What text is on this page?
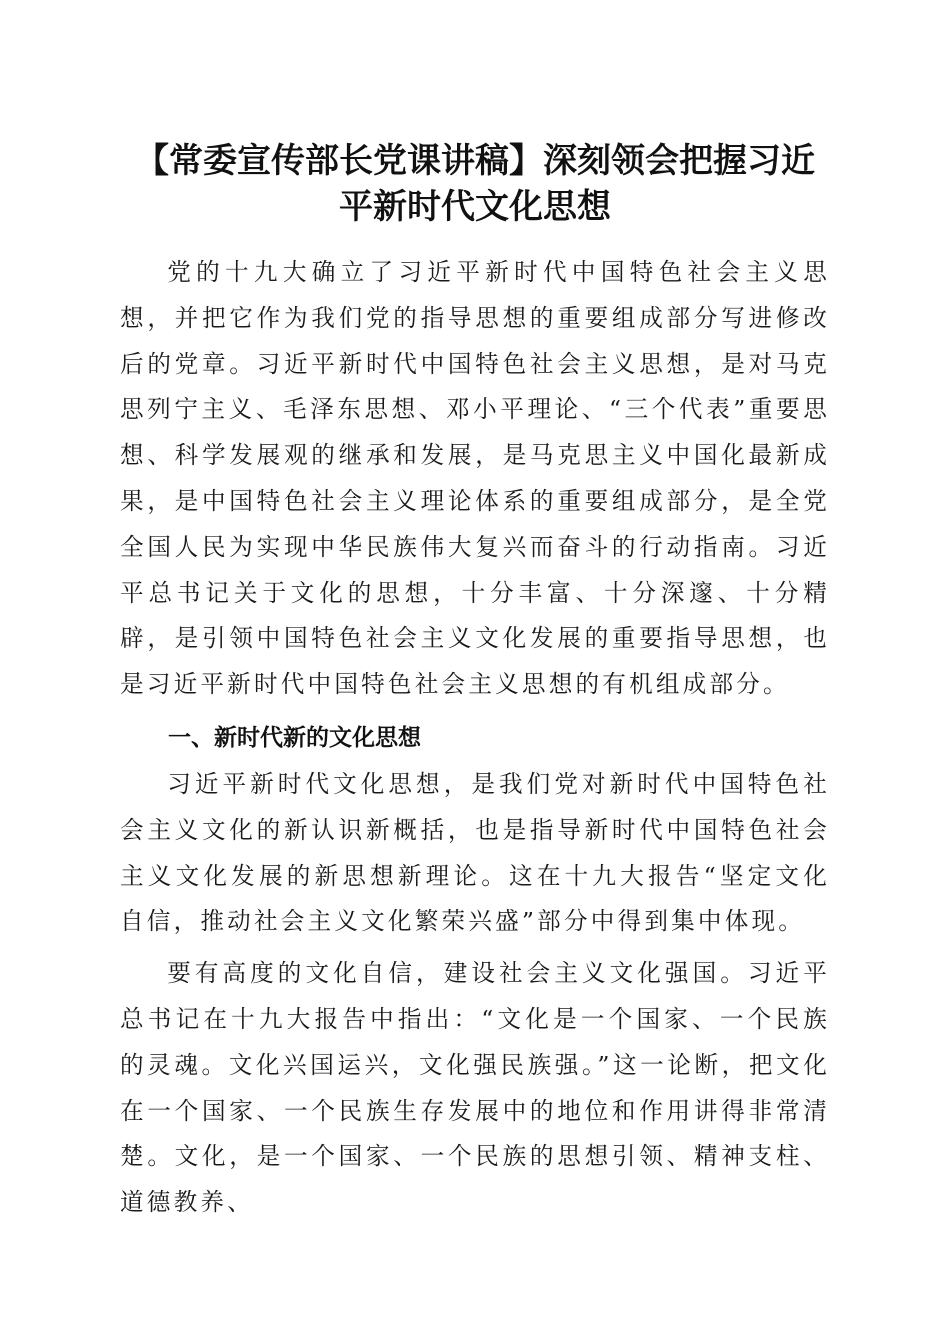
【常委宣传部长党课讲稿】深刻领会把握习近
平新时代文化思想

党的十九大确立了习近平新时代中国特色社会主义思想，并把它作为我们党的指导思想的重要组成部分写进修改后的党章。习近平新时代中国特色社会主义思想，是对马克思列宁主义、毛泽东思想、邓小平理论、“三个代表”重要思想、科学发展观的继承和发展，是马克思主义中国化最新成果，是中国特色社会主义理论体系的重要组成部分，是全党全国人民为实现中华民族伟大复兴而奋斗的行动指南。习近平总书记关于文化的思想，十分丰富、十分深邃、十分精辟，是引领中国特色社会主义文化发展的重要指导思想，也是习近平新时代中国特色社会主义思想的有机组成部分。

一、新时代新的文化思想

习近平新时代文化思想，是我们党对新时代中国特色社会主义文化的新认识新概括，也是指导新时代中国特色社会主义文化发展的新思想新理论。这在十九大报告“坚定文化自信，推动社会主义文化繁荣兴盛”部分中得到集中体现。

要有高度的文化自信，建设社会主义文化强国。习近平总书记在十九大报告中指出：“文化是一个国家、一个民族的灵魂。文化兴国运兴，文化强民族强。”这一论断，把文化在一个国家、一个民族生存发展中的地位和作用讲得非常清楚。文化，是一个国家、一个民族的思想引领、精神支柱、道德教养、
